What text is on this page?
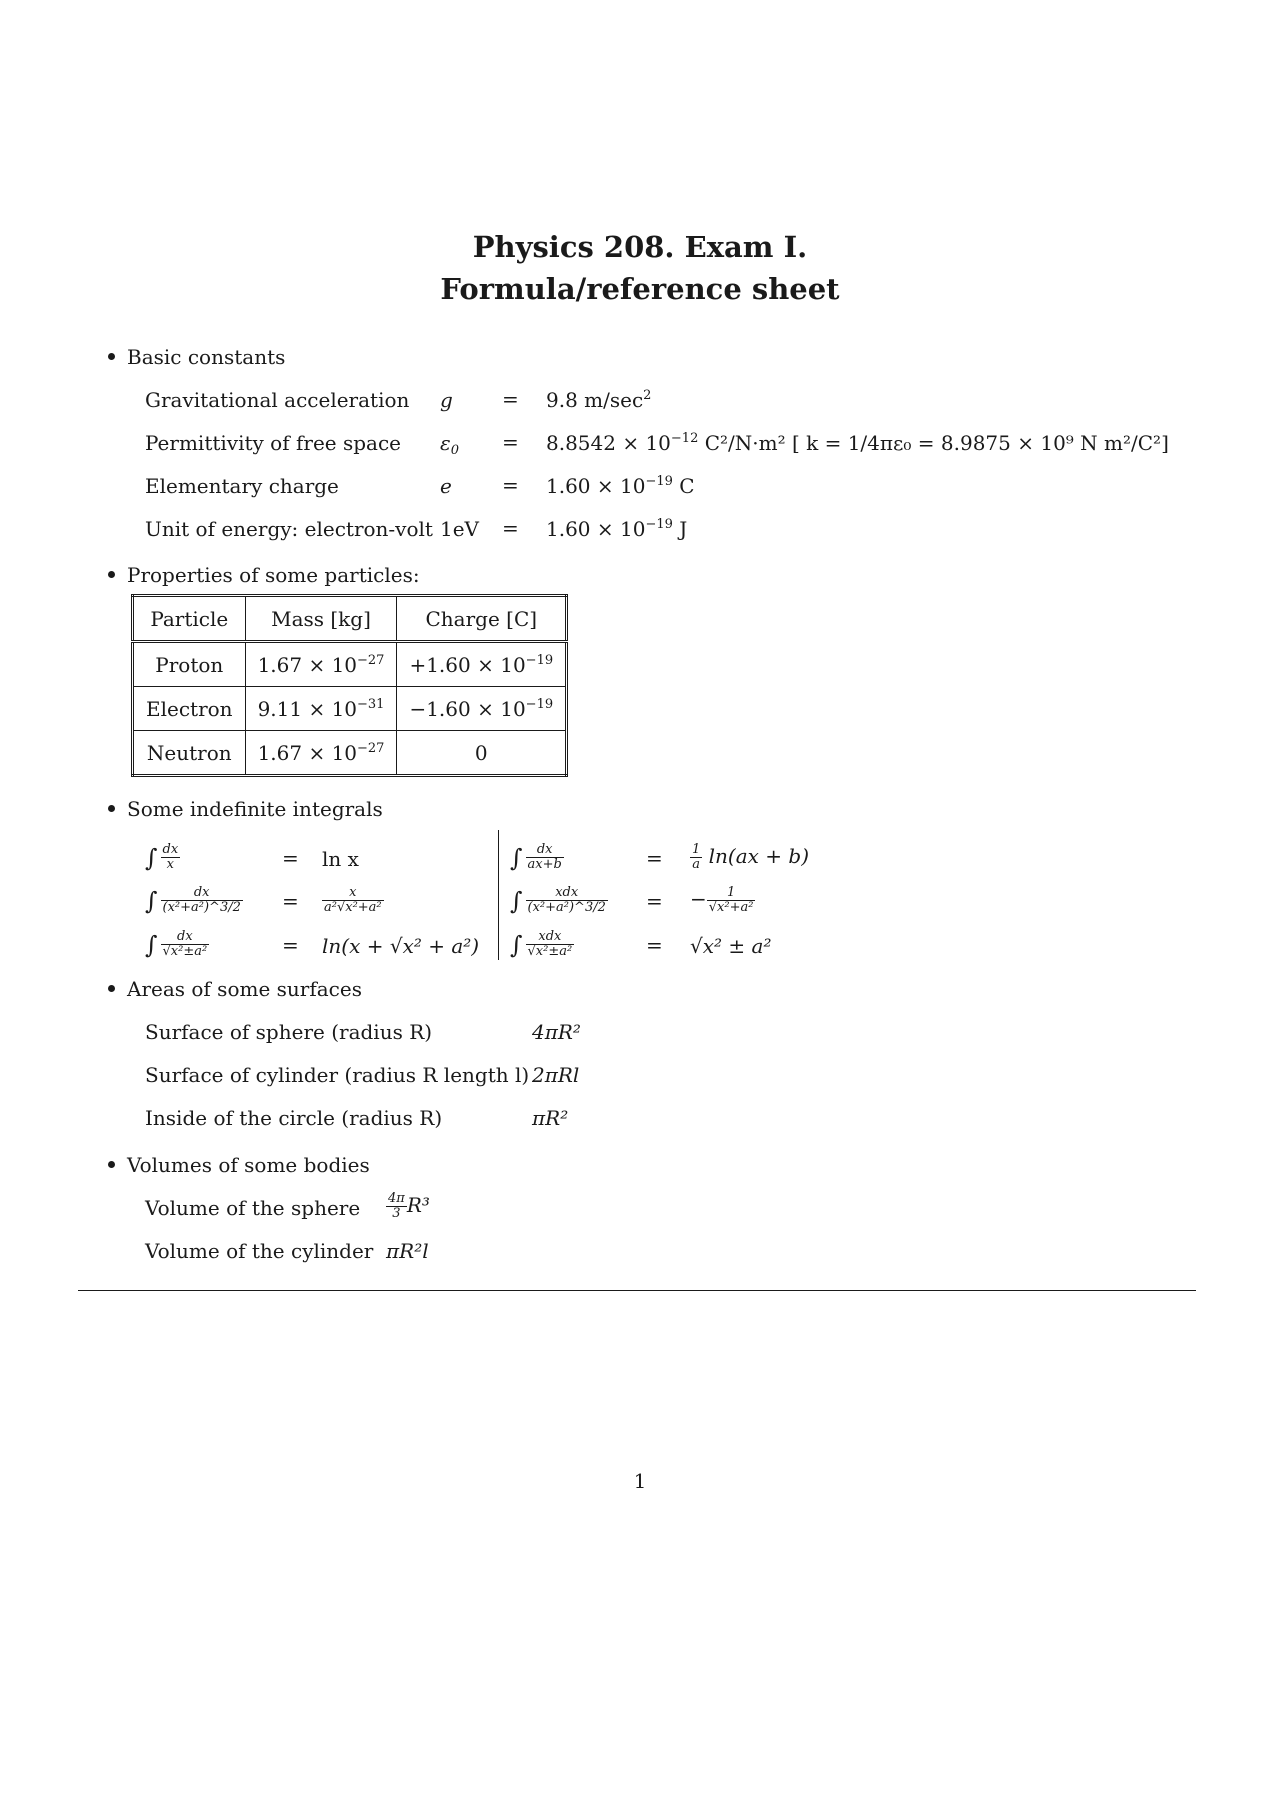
Physics 208. Exam I.
Formula/reference sheet
Basic constants
Gravitational acceleration g = 9.8 $m/\sec^2$
Permittivity of free space $\varepsilon_0 = 8.8542 \times 10^{-12}$ C²/N·m² [ k = 1/4πε₀ = 8.9875 × 10⁹ N m²/C²]
Elementary charge	e	= $1.60 \times 10^{-19}$ C
Unit of energy: electron-volt $1eV = 1.60 \times 10^{-19}$ J
Properties of some particles:
Particle	Mass [kg]	Charge [C]
Proton	$1.67 \times 10^{-27}$	$+1.60 \times 10^{-19}$
Electron	$9.11 \times 10^{-31}$	$-1.60 \times 10^{-19}$
Neutron	$1.67 \times 10^{-27}$	0
Some indefinite integrals
∫ $\frac{dx}{x}$	= ln x
∫ $\frac{dx}{\text{(x²+a²)\textasciicircum{}3/2}} = \frac{x}{\text{a²√x²+a²}}$
∫ $\frac{dx}{\text{√x²±a²}}$	= ln(x + √x² + a²)
∫ $\frac{dx}{ax+b}$	= $\frac{1}{a} \ln(ax + b)$
∫ $\frac{\text{xdx}}{\text{(x²+a²)\textasciicircum{}3/2}}$ = − $\frac{1}{\text{√x²+a²}}$
∫ $\frac{\text{xdx}}{\text{√x²±a²}}$	= √x² ± a²
Areas of some surfaces
Surface of sphere (radius R)	4πR²
Surface of cylinder (radius R length l) 2πRl
Inside of the circle (radius R)	πR²
Volumes of some bodies
Volume of the sphere $\frac{4\pi}{3} R^3$
Volume of the cylinder πR²l
1
